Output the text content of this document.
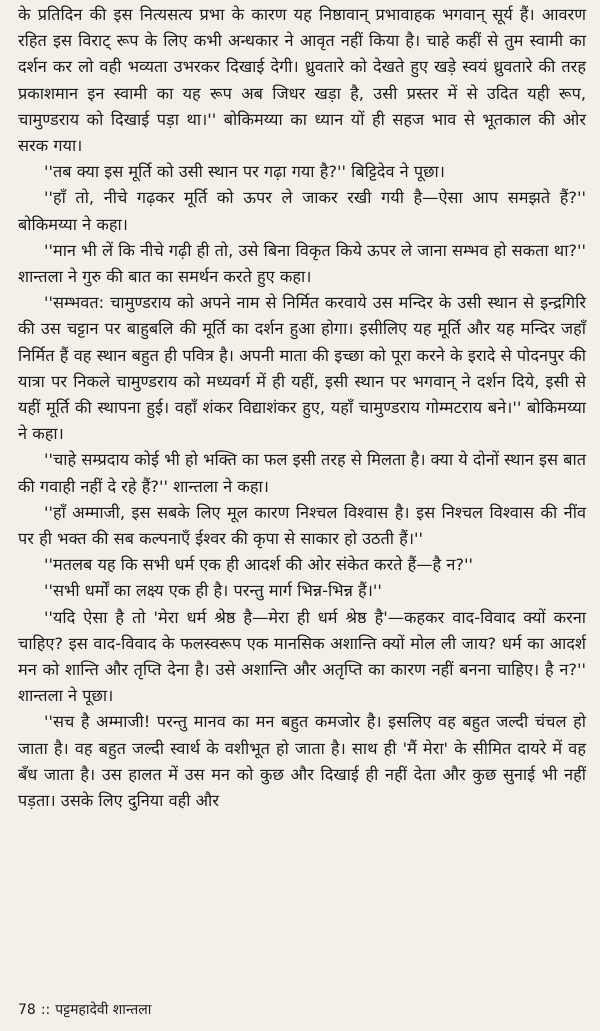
के प्रतिदिन की इस नित्यसत्य प्रभा के कारण यह निष्ठावान् प्रभावाहक भगवान् सूर्य हैं। आवरण रहित इस विराट् रूप के लिए कभी अन्धकार ने आवृत नहीं किया है। चाहे कहीं से तुम स्वामी का दर्शन कर लो वही भव्यता उभरकर दिखाई देगी। ध्रुवतारे को देखते हुए खड़े स्वयं ध्रुवतारे की तरह प्रकाशमान इन स्वामी का यह रूप अब जिधर खड़ा है, उसी प्रस्तर में से उदित यही रूप, चामुण्डराय को दिखाई पड़ा था।'' बोकिमय्या का ध्यान यों ही सहज भाव से भूतकाल की ओर सरक गया।

''तब क्या इस मूर्ति को उसी स्थान पर गढ़ा गया है?'' बिट्टिदेव ने पूछा।

''हाँ तो, नीचे गढ़कर मूर्ति को ऊपर ले जाकर रखी गयी है—ऐसा आप समझते हैं?'' बोकिमय्या ने कहा।

''मान भी लें कि नीचे गढ़ी ही तो, उसे बिना विकृत किये ऊपर ले जाना सम्भव हो सकता था?'' शान्तला ने गुरु की बात का समर्थन करते हुए कहा।

''सम्भवत: चामुण्डराय को अपने नाम से निर्मित करवाये उस मन्दिर के उसी स्थान से इन्द्रगिरि की उस चट्टान पर बाहुबलि की मूर्ति का दर्शन हुआ होगा। इसीलिए यह मूर्ति और यह मन्दिर जहाँ निर्मित हैं वह स्थान बहुत ही पवित्र है। अपनी माता की इच्छा को पूरा करने के इरादे से पोदनपुर की यात्रा पर निकले चामुण्डराय को मध्यवर्ग में ही यहीं, इसी स्थान पर भगवान् ने दर्शन दिये, इसी से यहीं मूर्ति की स्थापना हुई। वहाँ शंकर विद्याशंकर हुए, यहाँ चामुण्डराय गोम्मटराय बने।'' बोकिमय्या ने कहा।

''चाहे सम्प्रदाय कोई भी हो भक्ति का फल इसी तरह से मिलता है। क्या ये दोनों स्थान इस बात की गवाही नहीं दे रहे हैं?'' शान्तला ने कहा।

''हाँ अम्माजी, इस सबके लिए मूल कारण निश्चल विश्वास है। इस निश्चल विश्वास की नींव पर ही भक्त की सब कल्पनाएँ ईश्वर की कृपा से साकार हो उठती हैं।''

''मतलब यह कि सभी धर्म एक ही आदर्श की ओर संकेत करते हैं—है न?''

''सभी धर्मों का लक्ष्य एक ही है। परन्तु मार्ग भिन्न-भिन्न हैं।''

''यदि ऐसा है तो 'मेरा धर्म श्रेष्ठ है—मेरा ही धर्म श्रेष्ठ है'—कहकर वाद-विवाद क्यों करना चाहिए? इस वाद-विवाद के फलस्वरूप एक मानसिक अशान्ति क्यों मोल ली जाय? धर्म का आदर्श मन को शान्ति और तृप्ति देना है। उसे अशान्ति और अतृप्ति का कारण नहीं बनना चाहिए। है न?'' शान्तला ने पूछा।

''सच है अम्माजी! परन्तु मानव का मन बहुत कमजोर है। इसलिए वह बहुत जल्दी चंचल हो जाता है। वह बहुत जल्दी स्वार्थ के वशीभूत हो जाता है। साथ ही 'मैं मेरा' के सीमित दायरे में वह बँध जाता है। उस हालत में उस मन को कुछ और दिखाई ही नहीं देता और कुछ सुनाई भी नहीं पड़ता। उसके लिए दुनिया वही और

78 :: पट्टमहादेवी शान्तला
